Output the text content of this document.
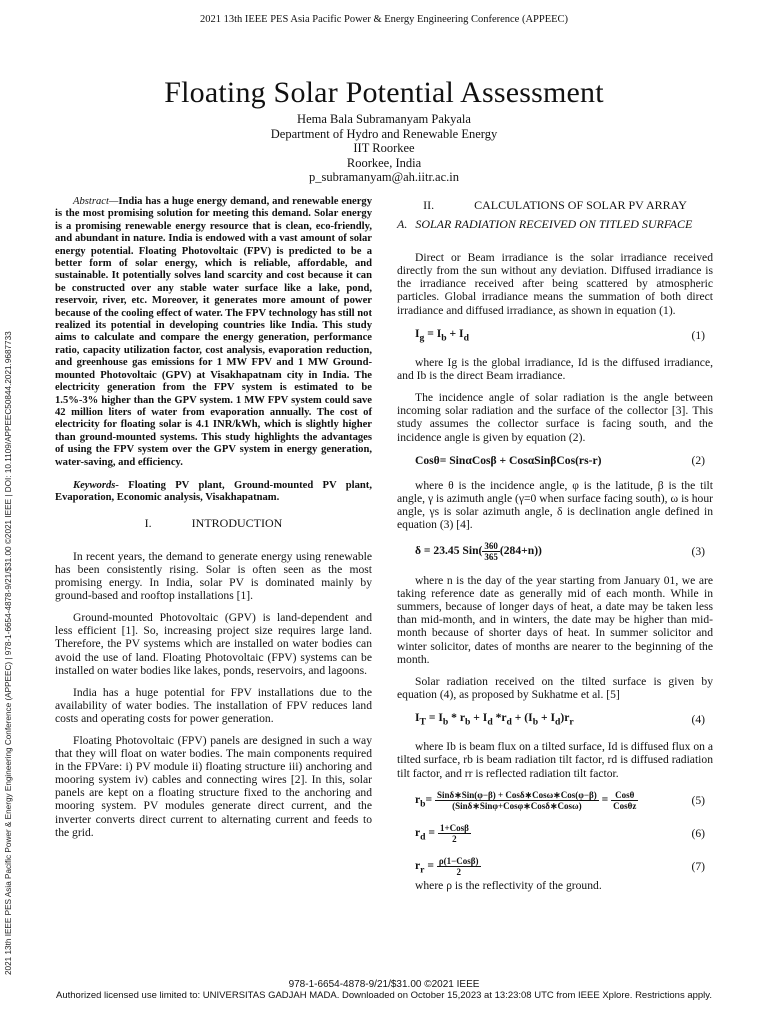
2021 13th IEEE PES Asia Pacific Power & Energy Engineering Conference (APPEEC)
2021 13th IEEE PES Asia Pacific Power & Energy Engineering Conference (APPEEC) | 978-1-6654-4878-9/21/$31.00 ©2021 IEEE | DOI: 10.1109/APPEEC50844.2021.9687733
Floating Solar Potential Assessment
Hema Bala Subramanyam Pakyala
Department of Hydro and Renewable Energy
IIT Roorkee
Roorkee, India
p_subramanyam@ah.iitr.ac.in
Abstract—India has a huge energy demand, and renewable energy is the most promising solution for meeting this demand. Solar energy is a promising renewable energy resource that is clean, eco-friendly, and abundant in nature. India is endowed with a vast amount of solar energy potential. Floating Photovoltaic (FPV) is predicted to be a better form of solar energy, which is reliable, affordable, and sustainable. It potentially solves land scarcity and cost because it can be constructed over any stable water surface like a lake, pond, reservoir, river, etc. Moreover, it generates more amount of power because of the cooling effect of water. The FPV technology has still not realized its potential in developing countries like India. This study aims to calculate and compare the energy generation, performance ratio, capacity utilization factor, cost analysis, evaporation reduction, and greenhouse gas emissions for 1 MW FPV and 1 MW Ground-mounted Photovoltaic (GPV) at Visakhapatnam city in India. The electricity generation from the FPV system is estimated to be 1.5%-3% higher than the GPV system. 1 MW FPV system could save 42 million liters of water from evaporation annually. The cost of electricity for floating solar is 4.1 INR/kWh, which is slightly higher than ground-mounted systems. This study highlights the advantages of using the FPV system over the GPV system in energy generation, water-saving, and efficiency.
Keywords- Floating PV plant, Ground-mounted PV plant, Evaporation, Economic analysis, Visakhapatnam.
I.	INTRODUCTION

In recent years, the demand to generate energy using renewable has been consistently rising. Solar is often seen as the most promising energy. In India, solar PV is dominated mainly by ground-based and rooftop installations [1].

Ground-mounted Photovoltaic (GPV) is land-dependent and less efficient [1]. So, increasing project size requires large land. Therefore, the PV systems which are installed on water bodies can avoid the use of land. Floating Photovoltaic (FPV) systems can be installed on water bodies like lakes, ponds, reservoirs, and lagoons.

India has a huge potential for FPV installations due to the availability of water bodies. The installation of FPV reduces land costs and operating costs for power generation.

Floating Photovoltaic (FPV) panels are designed in such a way that they will float on water bodies. The main components required in the FPVare: i) PV module ii) floating structure iii) anchoring and mooring system iv) cables and connecting wires [2]. In this, solar panels are kept on a floating structure fixed to the anchoring and mooring system. PV modules generate direct current, and the inverter converts direct current to alternating current and feeds to the grid.

II.	CALCULATIONS OF SOLAR PV ARRAY
A. SOLAR RADIATION RECEIVED ON TITLED SURFACE

Direct or Beam irradiance is the solar irradiance received directly from the sun without any deviation. Diffused irradiance is the irradiance received after being scattered by atmospheric particles. Global irradiance means the summation of both direct irradiance and diffused irradiance, as shown in equation (1).

$I_g = I_b + I_d$	(1)

where Ig is the global irradiance, Id is the diffused irradiance, and Ib is the direct Beam irradiance.

The incidence angle of solar radiation is the angle between incoming solar radiation and the surface of the collector [3]. This study assumes the collector surface is facing south, and the incidence angle is given by equation (2).

Cosθ= SinαCosβ + CosαSinβCos(rs-r)	(2)

where θ is the incidence angle, φ is the latitude, β is the tilt angle, γ is azimuth angle (γ=0 when surface facing south), ω is hour angle, γs is solar azimuth angle, δ is declination angle defined in equation (3) [4].

δ = 23.45 $Sin( \frac{360}{365} (284+n))$	(3)

where n is the day of the year starting from January 01, we are taking reference date as generally mid of each month. While in summers, because of longer days of heat, a date may be taken less than mid-month, and in winters, the date may be higher than mid-month because of shorter days of heat. In summer solicitor and winter solicitor, dates of months are nearer to the beginning of the month.

Solar radiation received on the tilted surface is given by equation (4), as proposed by Sukhatme et al. [5]

$I_T = I_b * r_b + I_d$ $*r_d + (I_b + I_d)r_r$	(4)

where Ib is beam flux on a tilted surface, Id is diffused flux on a tilted surface, rb is beam radiation tilt factor, rd is diffused radiation tilt factor, and rr is reflected radiation tilt factor.

$r_b= \frac{\text{Sinδ∗Sin(φ−β) + Cosδ∗Cosω∗Cos(φ−β)}}{\text{(Sinδ∗Sinφ+Cosφ∗Cosδ∗Cosω)}} = \frac{\text{Cosθ}}{\text{Cosθz}}$	(5)
$r_d = \frac{\text{1+Cosβ}}{2}$	(6)
$r_r = \frac{\text{ρ(1−Cosβ)}}{2}$	(7)

where ρ is the reflectivity of the ground.

978-1-6654-4878-9/21/$31.00 ©2021 IEEE
Authorized licensed use limited to: UNIVERSITAS GADJAH MADA. Downloaded on October 15,2023 at 13:23:08 UTC from IEEE Xplore. Restrictions apply.
